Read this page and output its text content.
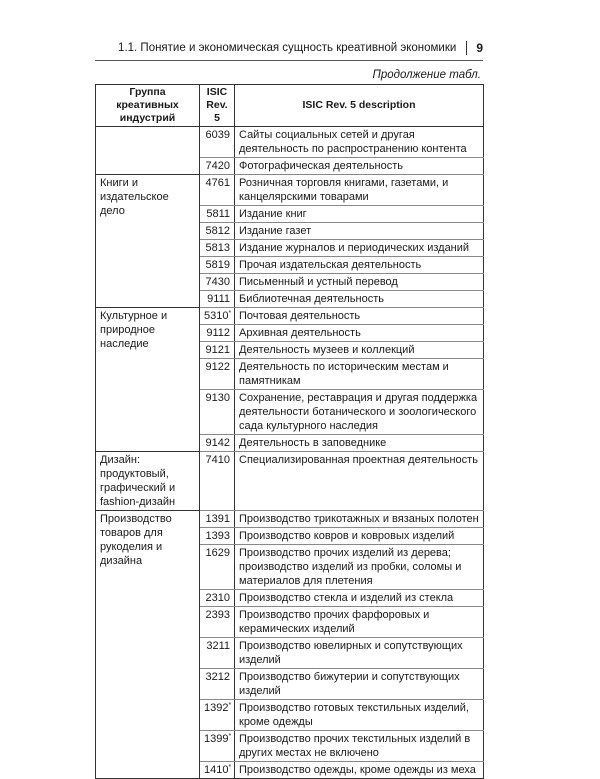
1.1. Понятие и экономическая сущность креативной экономики 9
Продолжение табл.
Группа креативных индустрий	ISIC Rev. 5	ISIC Rev. 5 description
	6039	Сайты социальных сетей и другая деятельность по распространению контента
	7420	Фотографическая деятельность
Книги и издательское дело	4761	Розничная торговля книгами, газетами, и канцелярскими товарами
	5811	Издание книг
	5812	Издание газет
	5813	Издание журналов и периодических изданий
	5819	Прочая издательская деятельность
	7430	Письменный и устный перевод
	9111	Библиотечная деятельность
Культурное и природное наследие	5310*	Почтовая деятельность
	9112	Архивная деятельность
	9121	Деятельность музеев и коллекций
	9122	Деятельность по историческим местам и памятникам
	9130	Сохранение, реставрация и другая поддержка деятельности ботанического и зоологического сада культурного наследия
	9142	Деятельность в заповеднике
Дизайн: продуктовый, графический и fashion-дизайн	7410	Специализированная проектная деятельность
Производство товаров для рукоделия и дизайна	1391	Производство трикотажных и вязаных полотен
	1393	Производство ковров и ковровых изделий
	1629	Производство прочих изделий из дерева; производство изделий из пробки, соломы и материалов для плетения
	2310	Производство стекла и изделий из стекла
	2393	Производство прочих фарфоровых и керамических изделий
	3211	Производство ювелирных и сопутствующих изделий
	3212	Производство бижутерии и сопутствующих изделий
	1392*	Производство готовых текстильных изделий, кроме одежды
	1399*	Производство прочих текстильных изделий в других местах не включено
	1410*	Производство одежды, кроме одежды из меха
